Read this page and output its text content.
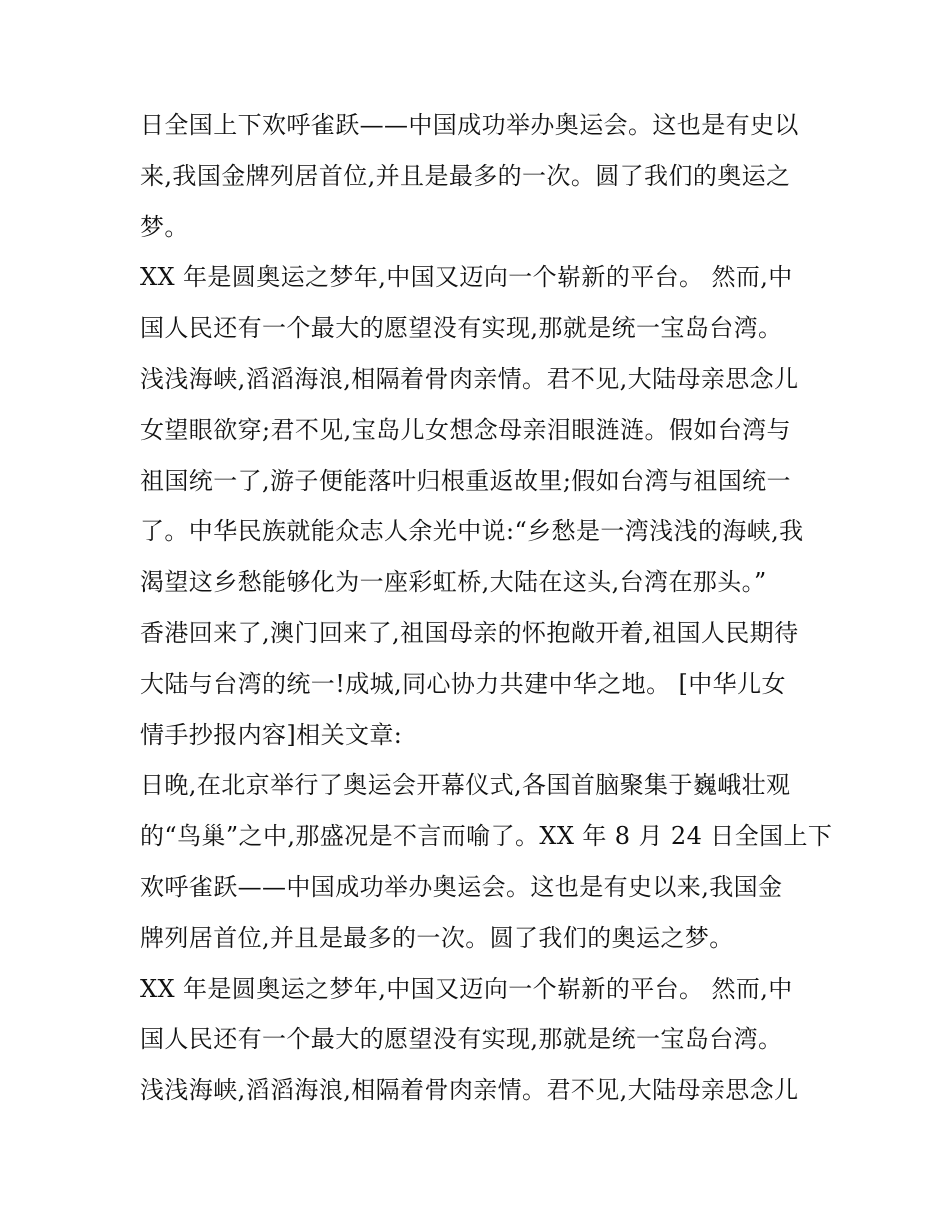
日全国上下欢呼雀跃——中国成功举办奥运会。这也是有史以
来,我国金牌列居首位,并且是最多的一次。圆了我们的奥运之
梦。
XX 年是圆奥运之梦年,中国又迈向一个崭新的平台。 然而,中
国人民还有一个最大的愿望没有实现,那就是统一宝岛台湾。
浅浅海峡,滔滔海浪,相隔着骨肉亲情。君不见,大陆母亲思念儿
女望眼欲穿;君不见,宝岛儿女想念母亲泪眼涟涟。假如台湾与
祖国统一了,游子便能落叶归根重返故里;假如台湾与祖国统一
了。中华民族就能众志人余光中说:“乡愁是一湾浅浅的海峡,我
渴望这乡愁能够化为一座彩虹桥,大陆在这头,台湾在那头。”
香港回来了,澳门回来了,祖国母亲的怀抱敞开着,祖国人民期待
大陆与台湾的统一!成城,同心协力共建中华之地。 [中华儿女
情手抄报内容]相关文章:
日晚,在北京举行了奥运会开幕仪式,各国首脑聚集于巍峨壮观
的“鸟巢”之中,那盛况是不言而喻了。XX 年 8 月 24 日全国上下
欢呼雀跃——中国成功举办奥运会。这也是有史以来,我国金
牌列居首位,并且是最多的一次。圆了我们的奥运之梦。
XX 年是圆奥运之梦年,中国又迈向一个崭新的平台。 然而,中
国人民还有一个最大的愿望没有实现,那就是统一宝岛台湾。
浅浅海峡,滔滔海浪,相隔着骨肉亲情。君不见,大陆母亲思念儿
